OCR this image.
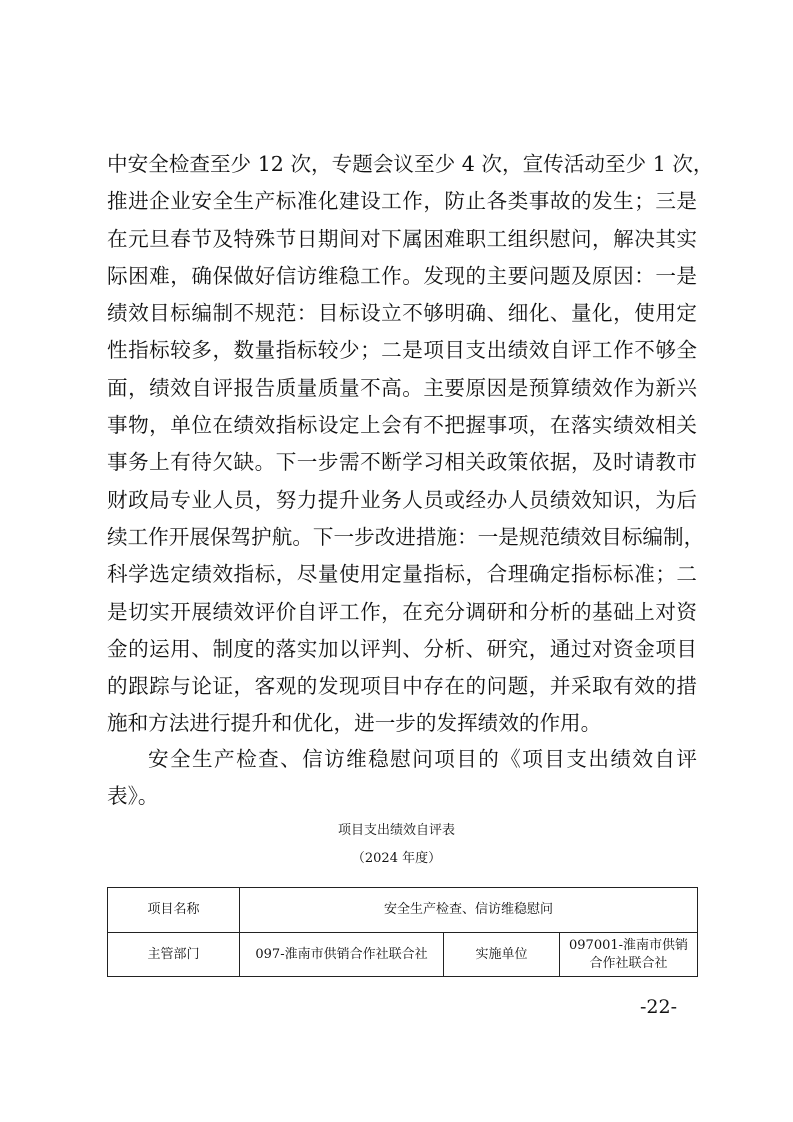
中安全检查至少 12 次，专题会议至少 4 次，宣传活动至少 1 次，
推进企业安全生产标准化建设工作，防止各类事故的发生；三是
在元旦春节及特殊节日期间对下属困难职工组织慰问，解决其实
际困难，确保做好信访维稳工作。发现的主要问题及原因：一是
绩效目标编制不规范：目标设立不够明确、细化、量化，使用定
性指标较多，数量指标较少；二是项目支出绩效自评工作不够全
面，绩效自评报告质量质量不高。主要原因是预算绩效作为新兴
事物，单位在绩效指标设定上会有不把握事项，在落实绩效相关
事务上有待欠缺。下一步需不断学习相关政策依据，及时请教市
财政局专业人员，努力提升业务人员或经办人员绩效知识，为后
续工作开展保驾护航。下一步改进措施：一是规范绩效目标编制，
科学选定绩效指标，尽量使用定量指标，合理确定指标标准；二
是切实开展绩效评价自评工作，在充分调研和分析的基础上对资
金的运用、制度的落实加以评判、分析、研究，通过对资金项目
的跟踪与论证，客观的发现项目中存在的问题，并采取有效的措
施和方法进行提升和优化，进一步的发挥绩效的作用。
安全生产检查、信访维稳慰问项目的《项目支出绩效自评
表》。
项目支出绩效自评表
（2024 年度）
项目名称	安全生产检查、信访维稳慰问		
主管部门	097-淮南市供销合作社联合社	实施单位	097001-淮南市供销合作社联合社
-22-
